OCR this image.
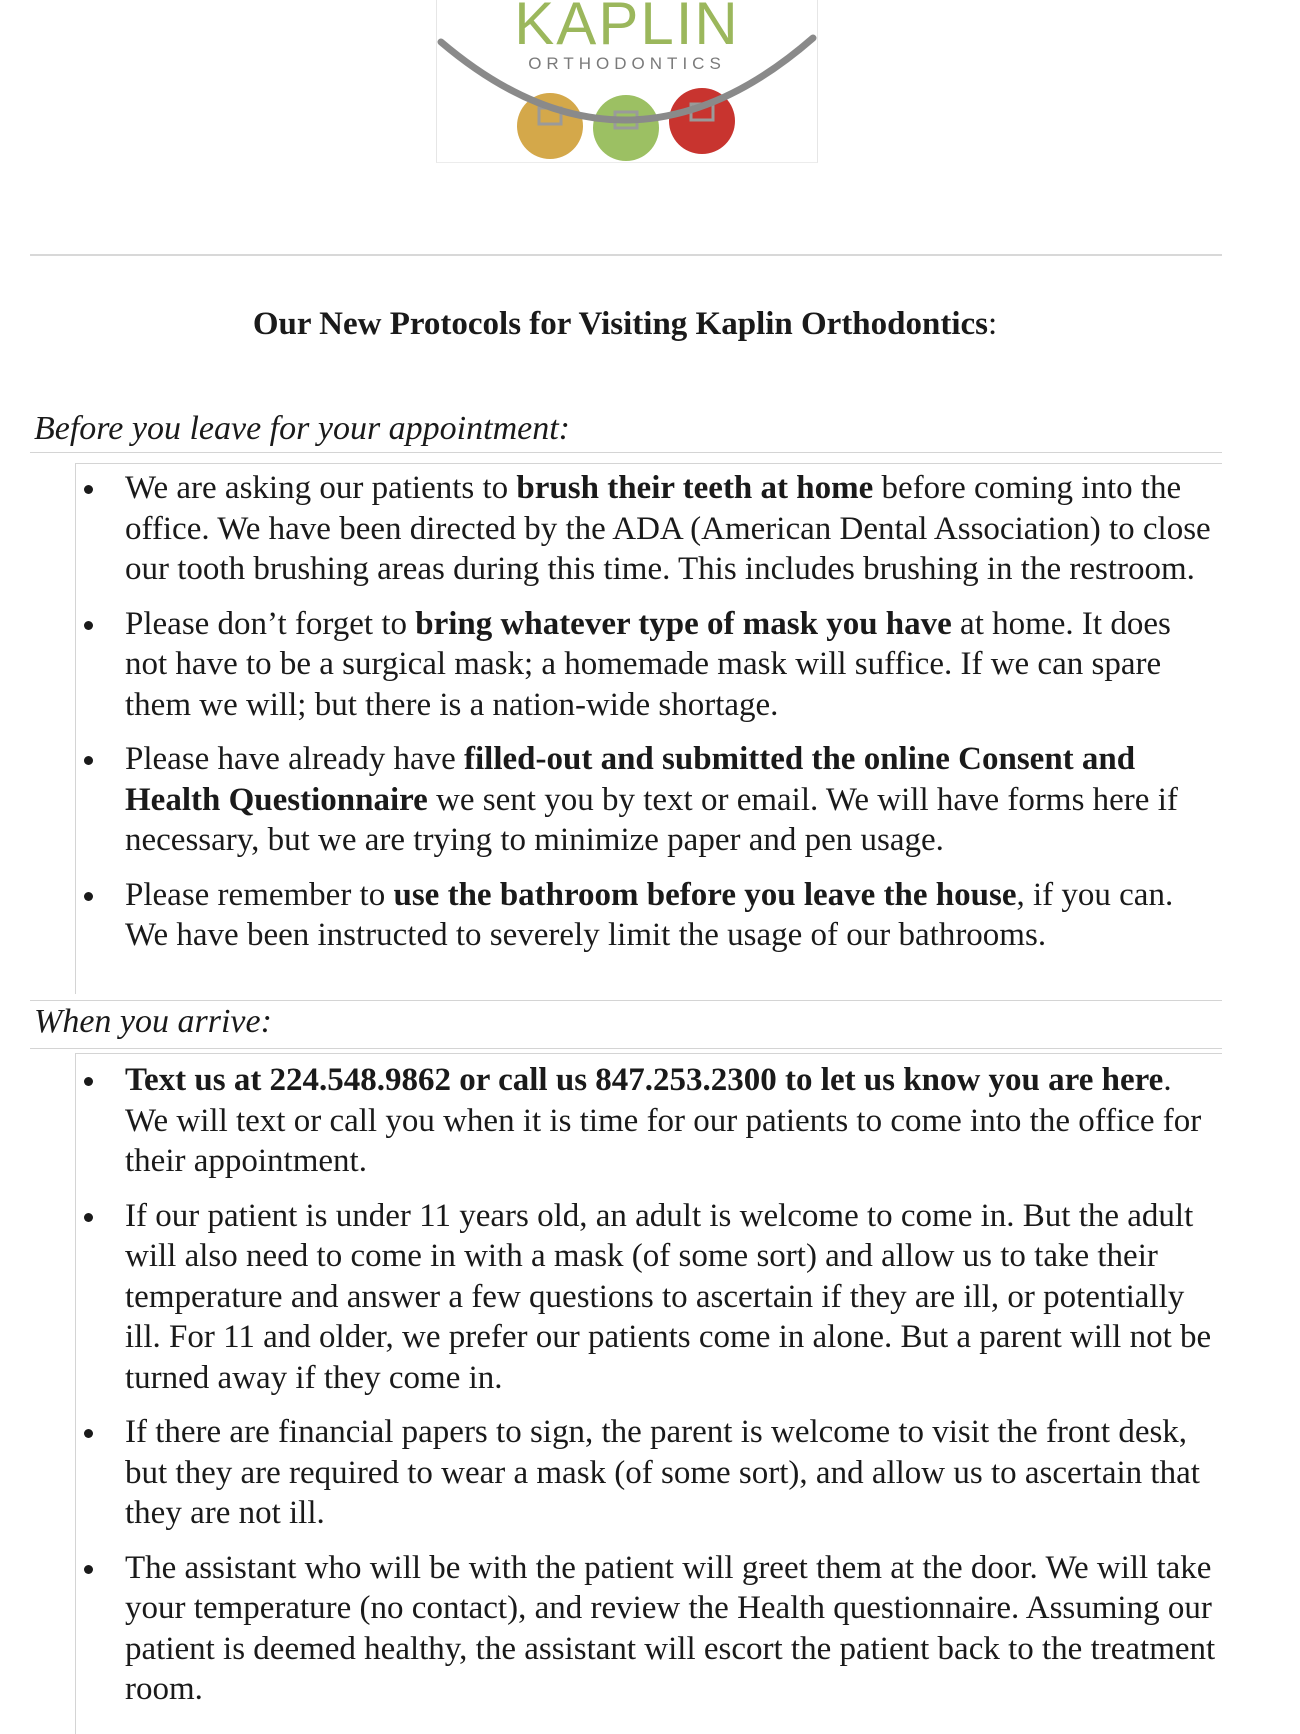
KAPLIN
ORTHODONTICS
Our New Protocols for Visiting Kaplin Orthodontics:
Before you leave for your appointment:
We are asking our patients to brush their teeth at home before coming into the office. We have been directed by the ADA (American Dental Association) to close our tooth brushing areas during this time. This includes brushing in the restroom.
Please don’t forget to bring whatever type of mask you have at home. It does not have to be a surgical mask; a homemade mask will suffice. If we can spare them we will; but there is a nation-wide shortage.
Please have already have filled-out and submitted the online Consent and Health Questionnaire we sent you by text or email. We will have forms here if necessary, but we are trying to minimize paper and pen usage.
Please remember to use the bathroom before you leave the house, if you can. We have been instructed to severely limit the usage of our bathrooms.
When you arrive:
Text us at 224.548.9862 or call us 847.253.2300 to let us know you are here. We will text or call you when it is time for our patients to come into the office for their appointment.
If our patient is under 11 years old, an adult is welcome to come in. But the adult will also need to come in with a mask (of some sort) and allow us to take their temperature and answer a few questions to ascertain if they are ill, or potentially ill. For 11 and older, we prefer our patients come in alone. But a parent will not be turned away if they come in.
If there are financial papers to sign, the parent is welcome to visit the front desk, but they are required to wear a mask (of some sort), and allow us to ascertain that they are not ill.
The assistant who will be with the patient will greet them at the door. We will take your temperature (no contact), and review the Health questionnaire. Assuming our patient is deemed healthy, the assistant will escort the patient back to the treatment room.
